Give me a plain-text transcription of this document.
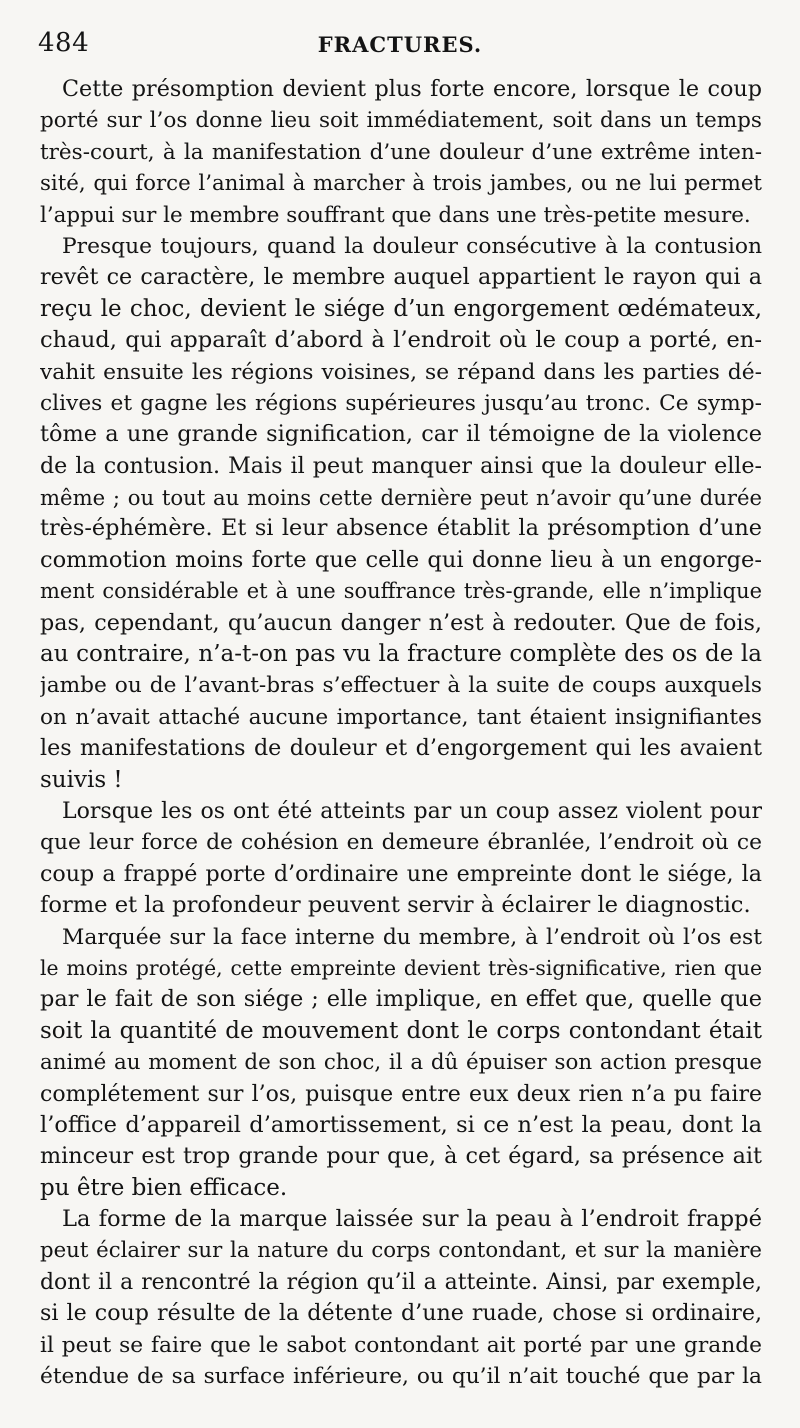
484	FRACTURES.
Cette présomption devient plus forte encore, lorsque le coup
porté sur l’os donne lieu soit immédiatement, soit dans un temps
très-court, à la manifestation d’une douleur d’une extrême inten-
sité, qui force l’animal à marcher à trois jambes, ou ne lui permet
l’appui sur le membre souffrant que dans une très-petite mesure.
Presque toujours, quand la douleur consécutive à la contusion
revêt ce caractère, le membre auquel appartient le rayon qui a
reçu le choc, devient le siége d’un engorgement œdémateux,
chaud, qui apparaît d’abord à l’endroit où le coup a porté, en-
vahit ensuite les régions voisines, se répand dans les parties dé-
clives et gagne les régions supérieures jusqu’au tronc. Ce symp-
tôme a une grande signification, car il témoigne de la violence
de la contusion. Mais il peut manquer ainsi que la douleur elle-
même ; ou tout au moins cette dernière peut n’avoir qu’une durée
très-éphémère. Et si leur absence établit la présomption d’une
commotion moins forte que celle qui donne lieu à un engorge-
ment considérable et à une souffrance très-grande, elle n’implique
pas, cependant, qu’aucun danger n’est à redouter. Que de fois,
au contraire, n’a-t-on pas vu la fracture complète des os de la
jambe ou de l’avant-bras s’effectuer à la suite de coups auxquels
on n’avait attaché aucune importance, tant étaient insignifiantes
les manifestations de douleur et d’engorgement qui les avaient
suivis !
Lorsque les os ont été atteints par un coup assez violent pour
que leur force de cohésion en demeure ébranlée, l’endroit où ce
coup a frappé porte d’ordinaire une empreinte dont le siége, la
forme et la profondeur peuvent servir à éclairer le diagnostic.
Marquée sur la face interne du membre, à l’endroit où l’os est
le moins protégé, cette empreinte devient très-significative, rien que
par le fait de son siége ; elle implique, en effet que, quelle que
soit la quantité de mouvement dont le corps contondant était
animé au moment de son choc, il a dû épuiser son action presque
complétement sur l’os, puisque entre eux deux rien n’a pu faire
l’office d’appareil d’amortissement, si ce n’est la peau, dont la
minceur est trop grande pour que, à cet égard, sa présence ait
pu être bien efficace.
La forme de la marque laissée sur la peau à l’endroit frappé
peut éclairer sur la nature du corps contondant, et sur la manière
dont il a rencontré la région qu’il a atteinte. Ainsi, par exemple,
si le coup résulte de la détente d’une ruade, chose si ordinaire,
il peut se faire que le sabot contondant ait porté par une grande
étendue de sa surface inférieure, ou qu’il n’ait touché que par la
